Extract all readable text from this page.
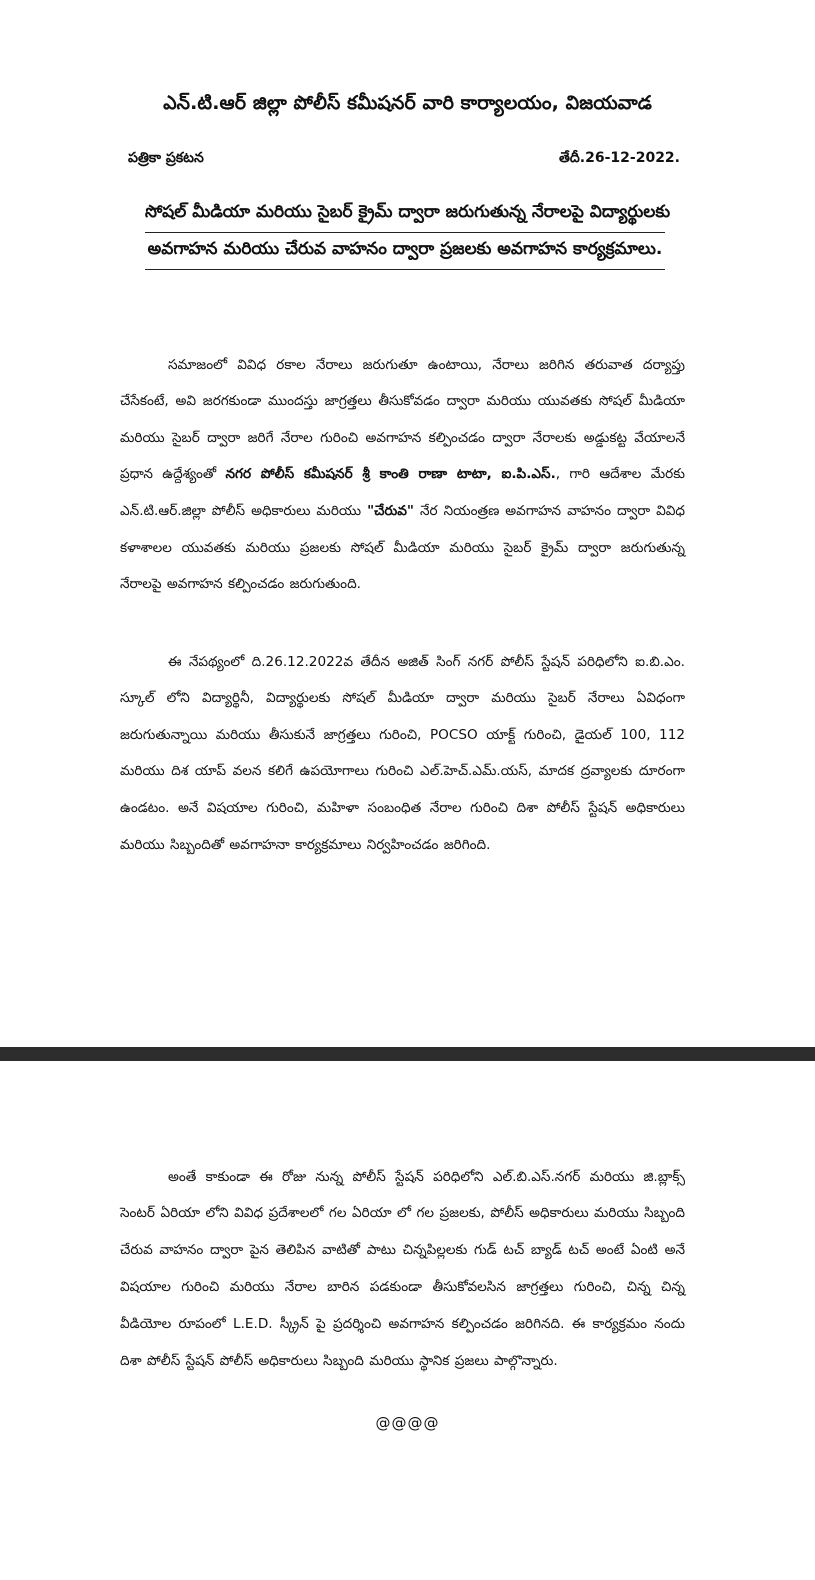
ఎన్.టి.ఆర్ జిల్లా పోలీస్ కమీషనర్ వారి కార్యాలయం, విజయవాడ
పత్రికా ప్రకటన	తేదీ.26-12-2022.
సోషల్ మీడియా మరియు సైబర్ క్రైమ్ ద్వారా జరుగుతున్న నేరాలపై విద్యార్థులకు
అవగాహన మరియు చేరువ వాహనం ద్వారా ప్రజలకు అవగాహన కార్యక్రమాలు.

సమాజంలో వివిధ రకాల నేరాలు జరుగుతూ ఉంటాయి, నేరాలు జరిగిన తరువాత దర్యాప్తు చేసేకంటే, అవి జరగకుండా ముందస్తు జాగ్రత్తలు తీసుకోవడం ద్వారా మరియు యువతకు సోషల్ మీడియా మరియు సైబర్ ద్వారా జరిగే నేరాల గురించి అవగాహన కల్పించడం ద్వారా నేరాలకు అడ్డుకట్ట వేయాలనే ప్రధాన ఉద్దేశ్యంతో నగర పోలీస్ కమీషనర్ శ్రీ కాంతి రాణా టాటా, ఐ.పి.ఎస్., గారి ఆదేశాల మేరకు ఎన్.టి.ఆర్.జిల్లా పోలీస్ అధికారులు మరియు "చేరువ" నేర నియంత్రణ అవగాహన వాహనం ద్వారా వివిధ కళాశాలల యువతకు మరియు ప్రజలకు సోషల్ మీడియా మరియు సైబర్ క్రైమ్ ద్వారా జరుగుతున్న నేరాలపై అవగాహన కల్పించడం జరుగుతుంది.

ఈ నేపథ్యంలో ది.26.12.2022వ తేదీన అజిత్ సింగ్ నగర్ పోలీస్ స్టేషన్ పరిధిలోని ఐ.బి.ఎం. స్కూల్ లోని విద్యార్థినీ, విద్యార్థులకు సోషల్ మీడియా ద్వారా మరియు సైబర్ నేరాలు ఏవిధంగా జరుగుతున్నాయి మరియు తీసుకునే జాగ్రత్తలు గురించి, POCSO యాక్ట్ గురించి, డైయల్ 100, 112 మరియు దిశ యాప్ వలన కలిగే ఉపయోగాలు గురించి ఎల్.హెచ్.ఎమ్.యస్, మాదక ద్రవ్యాలకు దూరంగా ఉండటం. అనే విషయాల గురించి, మహిళా సంబంధిత నేరాల గురించి దిశా పోలీస్ స్టేషన్ అధికారులు మరియు సిబ్బందితో అవగాహనా కార్యక్రమాలు నిర్వహించడం జరిగింది.

అంతే కాకుండా ఈ రోజు నున్న పోలీస్ స్టేషన్ పరిధిలోని ఎల్.బి.ఎస్.నగర్ మరియు జి.బ్లాక్స్ సెంటర్ ఏరియా లోని వివిధ ప్రదేశాలలో గల ఏరియా లో గల ప్రజలకు, పోలీస్ అధికారులు మరియు సిబ్బంది చేరువ వాహనం ద్వారా పైన తెలిపిన వాటితో పాటు చిన్నపిల్లలకు గుడ్ టచ్ బ్యాడ్ టచ్ అంటే ఏంటి అనే విషయాల గురించి మరియు నేరాల బారిన పడకుండా తీసుకోవలసిన జాగ్రత్తలు గురించి, చిన్న చిన్న వీడియోల రూపంలో L.E.D. స్క్రీన్ పై ప్రదర్శించి అవగాహన కల్పించడం జరిగినది. ఈ కార్యక్రమం నందు దిశా పోలీస్ స్టేషన్ పోలీస్ అధికారులు సిబ్బంది మరియు స్థానిక ప్రజలు పాల్గొన్నారు.

@@@@
